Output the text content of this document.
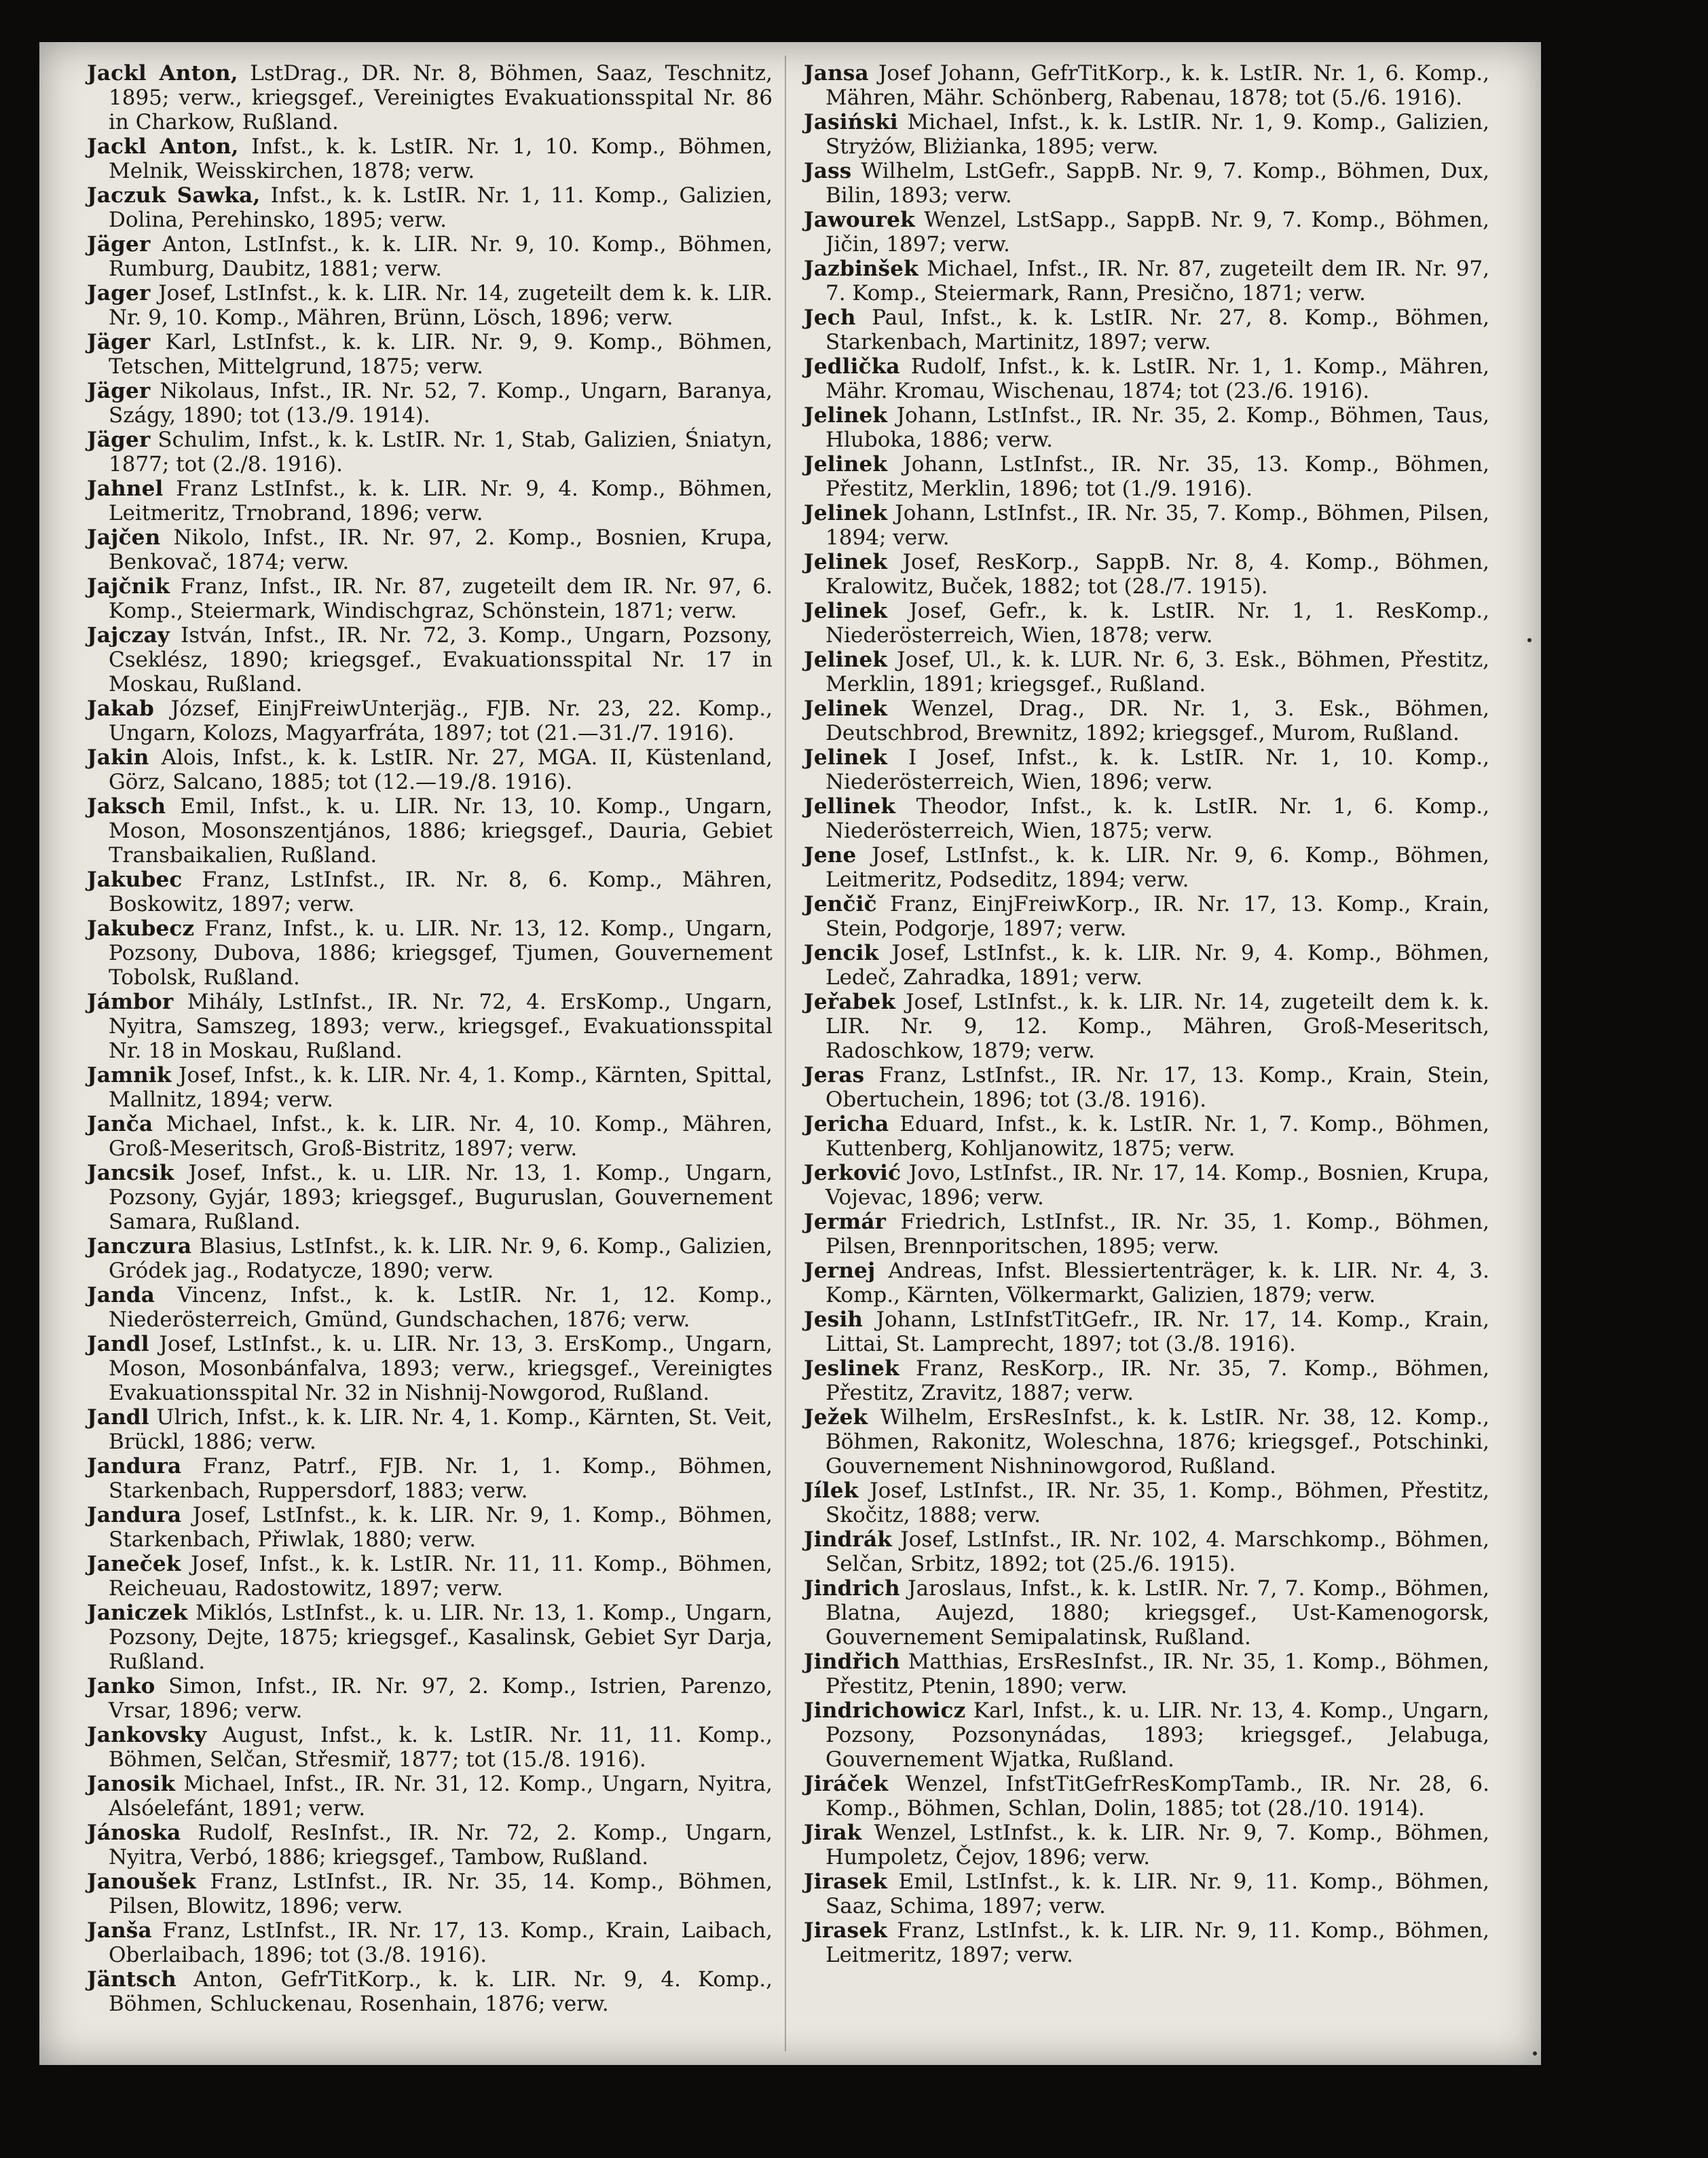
Jackl Anton, LstDrag., DR. Nr. 8, Böhmen, Saaz, Teschnitz, 1895; verw., kriegsgef., Vereinigtes Evakuationsspital Nr. 86 in Charkow, Rußland.

Jackl Anton, Infst., k. k. LstIR. Nr. 1, 10. Komp., Böhmen, Melnik, Weisskirchen, 1878; verw.

Jaczuk Sawka, Infst., k. k. LstIR. Nr. 1, 11. Komp., Galizien, Dolina, Perehinsko, 1895; verw.

Jäger Anton, LstInfst., k. k. LIR. Nr. 9, 10. Komp., Böhmen, Rumburg, Daubitz, 1881; verw.

Jager Josef, LstInfst., k. k. LIR. Nr. 14, zugeteilt dem k. k. LIR. Nr. 9, 10. Komp., Mähren, Brünn, Lösch, 1896; verw.

Jäger Karl, LstInfst., k. k. LIR. Nr. 9, 9. Komp., Böhmen, Tetschen, Mittelgrund, 1875; verw.

Jäger Nikolaus, Infst., IR. Nr. 52, 7. Komp., Ungarn, Baranya, Szágy, 1890; tot (13./9. 1914).

Jäger Schulim, Infst., k. k. LstIR. Nr. 1, Stab, Galizien, Śniatyn, 1877; tot (2./8. 1916).

Jahnel Franz LstInfst., k. k. LIR. Nr. 9, 4. Komp., Böhmen, Leitmeritz, Trnobrand, 1896; verw.

Jajčen Nikolo, Infst., IR. Nr. 97, 2. Komp., Bosnien, Krupa, Benkovač, 1874; verw.

Jajčnik Franz, Infst., IR. Nr. 87, zugeteilt dem IR. Nr. 97, 6. Komp., Steiermark, Windischgraz, Schönstein, 1871; verw.

Jajczay István, Infst., IR. Nr. 72, 3. Komp., Ungarn, Pozsony, Cseklész, 1890; kriegsgef., Evakuationsspital Nr. 17 in Moskau, Rußland.

Jakab József, EinjFreiwUnterjäg., FJB. Nr. 23, 22. Komp., Ungarn, Kolozs, Magyarfráta, 1897; tot (21.—31./7. 1916).

Jakin Alois, Infst., k. k. LstIR. Nr. 27, MGA. II, Küstenland, Görz, Salcano, 1885; tot (12.—19./8. 1916).

Jaksch Emil, Infst., k. u. LIR. Nr. 13, 10. Komp., Ungarn, Moson, Mosonszentjános, 1886; kriegsgef., Dauria, Gebiet Transbaikalien, Rußland.

Jakubec Franz, LstInfst., IR. Nr. 8, 6. Komp., Mähren, Boskowitz, 1897; verw.

Jakubecz Franz, Infst., k. u. LIR. Nr. 13, 12. Komp., Ungarn, Pozsony, Dubova, 1886; kriegsgef, Tjumen, Gouvernement Tobolsk, Rußland.

Jámbor Mihály, LstInfst., IR. Nr. 72, 4. ErsKomp., Ungarn, Nyitra, Samszeg, 1893; verw., kriegsgef., Evakuationsspital Nr. 18 in Moskau, Rußland.

Jamnik Josef, Infst., k. k. LIR. Nr. 4, 1. Komp., Kärnten, Spittal, Mallnitz, 1894; verw.

Janča Michael, Infst., k. k. LIR. Nr. 4, 10. Komp., Mähren, Groß-Meseritsch, Groß-Bistritz, 1897; verw.

Jancsik Josef, Infst., k. u. LIR. Nr. 13, 1. Komp., Ungarn, Pozsony, Gyjár, 1893; kriegsgef., Buguruslan, Gouvernement Samara, Rußland.

Janczura Blasius, LstInfst., k. k. LIR. Nr. 9, 6. Komp., Galizien, Gródek jag., Rodatycze, 1890; verw.

Janda Vincenz, Infst., k. k. LstIR. Nr. 1, 12. Komp., Niederösterreich, Gmünd, Gundschachen, 1876; verw.

Jandl Josef, LstInfst., k. u. LIR. Nr. 13, 3. ErsKomp., Ungarn, Moson, Mosonbánfalva, 1893; verw., kriegsgef., Vereinigtes Evakuationsspital Nr. 32 in Nishnij-Nowgorod, Rußland.

Jandl Ulrich, Infst., k. k. LIR. Nr. 4, 1. Komp., Kärnten, St. Veit, Brückl, 1886; verw.

Jandura Franz, Patrf., FJB. Nr. 1, 1. Komp., Böhmen, Starkenbach, Ruppersdorf, 1883; verw.

Jandura Josef, LstInfst., k. k. LIR. Nr. 9, 1. Komp., Böhmen, Starkenbach, Přiwlak, 1880; verw.

Janeček Josef, Infst., k. k. LstIR. Nr. 11, 11. Komp., Böhmen, Reicheuau, Radostowitz, 1897; verw.

Janiczek Miklós, LstInfst., k. u. LIR. Nr. 13, 1. Komp., Ungarn, Pozsony, Dejte, 1875; kriegsgef., Kasalinsk, Gebiet Syr Darja, Rußland.

Janko Simon, Infst., IR. Nr. 97, 2. Komp., Istrien, Parenzo, Vrsar, 1896; verw.

Jankovsky August, Infst., k. k. LstIR. Nr. 11, 11. Komp., Böhmen, Selčan, Střesmiř, 1877; tot (15./8. 1916).

Janosik Michael, Infst., IR. Nr. 31, 12. Komp., Ungarn, Nyitra, Alsóelefánt, 1891; verw.

Jánoska Rudolf, ResInfst., IR. Nr. 72, 2. Komp., Ungarn, Nyitra, Verbó, 1886; kriegsgef., Tambow, Rußland.

Janoušek Franz, LstInfst., IR. Nr. 35, 14. Komp., Böhmen, Pilsen, Blowitz, 1896; verw.

Janša Franz, LstInfst., IR. Nr. 17, 13. Komp., Krain, Laibach, Oberlaibach, 1896; tot (3./8. 1916).

Jäntsch Anton, GefrTitKorp., k. k. LIR. Nr. 9, 4. Komp., Böhmen, Schluckenau, Rosenhain, 1876; verw.

Jansa Josef Johann, GefrTitKorp., k. k. LstIR. Nr. 1, 6. Komp., Mähren, Mähr. Schönberg, Rabenau, 1878; tot (5./6. 1916).

Jasiński Michael, Infst., k. k. LstIR. Nr. 1, 9. Komp., Galizien, Stryżów, Bliżianka, 1895; verw.

Jass Wilhelm, LstGefr., SappB. Nr. 9, 7. Komp., Böhmen, Dux, Bilin, 1893; verw.

Jawourek Wenzel, LstSapp., SappB. Nr. 9, 7. Komp., Böhmen, Jičin, 1897; verw.

Jazbinšek Michael, Infst., IR. Nr. 87, zugeteilt dem IR. Nr. 97, 7. Komp., Steiermark, Rann, Presično, 1871; verw.

Jech Paul, Infst., k. k. LstIR. Nr. 27, 8. Komp., Böhmen, Starkenbach, Martinitz, 1897; verw.

Jedlička Rudolf, Infst., k. k. LstIR. Nr. 1, 1. Komp., Mähren, Mähr. Kromau, Wischenau, 1874; tot (23./6. 1916).

Jelinek Johann, LstInfst., IR. Nr. 35, 2. Komp., Böhmen, Taus, Hluboka, 1886; verw.

Jelinek Johann, LstInfst., IR. Nr. 35, 13. Komp., Böhmen, Přestitz, Merklin, 1896; tot (1./9. 1916).

Jelinek Johann, LstInfst., IR. Nr. 35, 7. Komp., Böhmen, Pilsen, 1894; verw.

Jelinek Josef, ResKorp., SappB. Nr. 8, 4. Komp., Böhmen, Kralowitz, Buček, 1882; tot (28./7. 1915).

Jelinek Josef, Gefr., k. k. LstIR. Nr. 1, 1. ResKomp., Niederösterreich, Wien, 1878; verw.

Jelinek Josef, Ul., k. k. LUR. Nr. 6, 3. Esk., Böhmen, Přestitz, Merklin, 1891; kriegsgef., Rußland.

Jelinek Wenzel, Drag., DR. Nr. 1, 3. Esk., Böhmen, Deutschbrod, Brewnitz, 1892; kriegsgef., Murom, Rußland.

Jelinek I Josef, Infst., k. k. LstIR. Nr. 1, 10. Komp., Niederösterreich, Wien, 1896; verw.

Jellinek Theodor, Infst., k. k. LstIR. Nr. 1, 6. Komp., Niederösterreich, Wien, 1875; verw.

Jene Josef, LstInfst., k. k. LIR. Nr. 9, 6. Komp., Böhmen, Leitmeritz, Podseditz, 1894; verw.

Jenčič Franz, EinjFreiwKorp., IR. Nr. 17, 13. Komp., Krain, Stein, Podgorje, 1897; verw.

Jencik Josef, LstInfst., k. k. LIR. Nr. 9, 4. Komp., Böhmen, Ledeč, Zahradka, 1891; verw.

Jeřabek Josef, LstInfst., k. k. LIR. Nr. 14, zugeteilt dem k. k. LIR. Nr. 9, 12. Komp., Mähren, Groß-Meseritsch, Radoschkow, 1879; verw.

Jeras Franz, LstInfst., IR. Nr. 17, 13. Komp., Krain, Stein, Obertuchein, 1896; tot (3./8. 1916).

Jericha Eduard, Infst., k. k. LstIR. Nr. 1, 7. Komp., Böhmen, Kuttenberg, Kohljanowitz, 1875; verw.

Jerković Jovo, LstInfst., IR. Nr. 17, 14. Komp., Bosnien, Krupa, Vojevac, 1896; verw.

Jermár Friedrich, LstInfst., IR. Nr. 35, 1. Komp., Böhmen, Pilsen, Brennporitschen, 1895; verw.

Jernej Andreas, Infst. Blessiertenträger, k. k. LIR. Nr. 4, 3. Komp., Kärnten, Völkermarkt, Galizien, 1879; verw.

Jesih Johann, LstInfstTitGefr., IR. Nr. 17, 14. Komp., Krain, Littai, St. Lamprecht, 1897; tot (3./8. 1916).

Jeslinek Franz, ResKorp., IR. Nr. 35, 7. Komp., Böhmen, Přestitz, Zravitz, 1887; verw.

Ježek Wilhelm, ErsResInfst., k. k. LstIR. Nr. 38, 12. Komp., Böhmen, Rakonitz, Woleschna, 1876; kriegsgef., Potschinki, Gouvernement Nishninowgorod, Rußland.

Jílek Josef, LstInfst., IR. Nr. 35, 1. Komp., Böhmen, Přestitz, Skočitz, 1888; verw.

Jindrák Josef, LstInfst., IR. Nr. 102, 4. Marschkomp., Böhmen, Selčan, Srbitz, 1892; tot (25./6. 1915).

Jindrich Jaroslaus, Infst., k. k. LstIR. Nr. 7, 7. Komp., Böhmen, Blatna, Aujezd, 1880; kriegsgef., Ust-Kamenogorsk, Gouvernement Semipalatinsk, Rußland.

Jindřich Matthias, ErsResInfst., IR. Nr. 35, 1. Komp., Böhmen, Přestitz, Ptenin, 1890; verw.

Jindrichowicz Karl, Infst., k. u. LIR. Nr. 13, 4. Komp., Ungarn, Pozsony, Pozsonynádas, 1893; kriegsgef., Jelabuga, Gouvernement Wjatka, Rußland.

Jiráček Wenzel, InfstTitGefrResKompTamb., IR. Nr. 28, 6. Komp., Böhmen, Schlan, Dolin, 1885; tot (28./10. 1914).

Jirak Wenzel, LstInfst., k. k. LIR. Nr. 9, 7. Komp., Böhmen, Humpoletz, Čejov, 1896; verw.

Jirasek Emil, LstInfst., k. k. LIR. Nr. 9, 11. Komp., Böhmen, Saaz, Schima, 1897; verw.

Jirasek Franz, LstInfst., k. k. LIR. Nr. 9, 11. Komp., Böhmen, Leitmeritz, 1897; verw.
